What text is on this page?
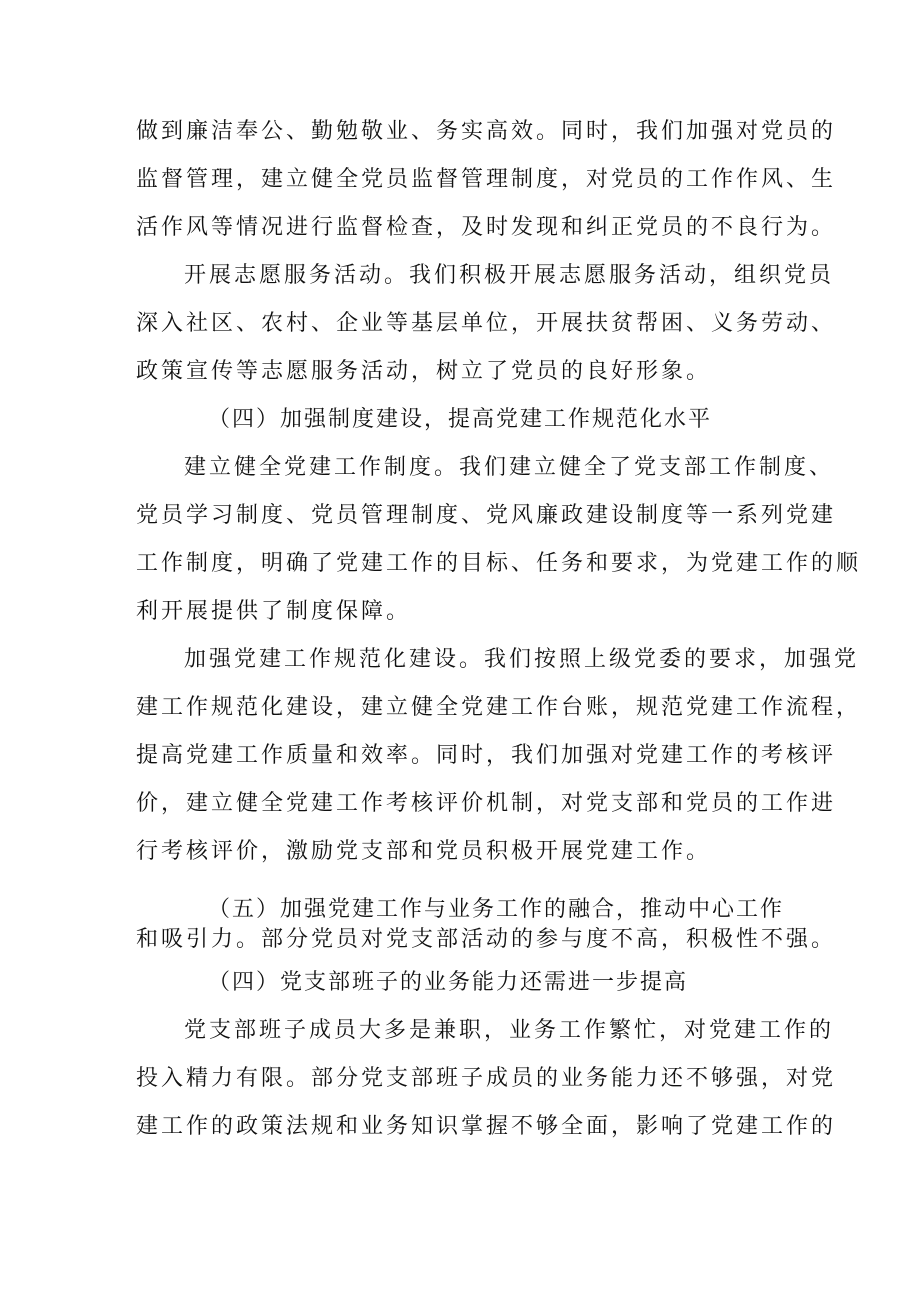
做到廉洁奉公、勤勉敬业、务实高效。同时，我们加强对党员的
监督管理，建立健全党员监督管理制度，对党员的工作作风、生
活作风等情况进行监督检查，及时发现和纠正党员的不良行为。
开展志愿服务活动。我们积极开展志愿服务活动，组织党员
深入社区、农村、企业等基层单位，开展扶贫帮困、义务劳动、
政策宣传等志愿服务活动，树立了党员的良好形象。
（四）加强制度建设，提高党建工作规范化水平
建立健全党建工作制度。我们建立健全了党支部工作制度、
党员学习制度、党员管理制度、党风廉政建设制度等一系列党建
工作制度，明确了党建工作的目标、任务和要求，为党建工作的顺
利开展提供了制度保障。
加强党建工作规范化建设。我们按照上级党委的要求，加强党
建工作规范化建设，建立健全党建工作台账，规范党建工作流程，
提高党建工作质量和效率。同时，我们加强对党建工作的考核评
价，建立健全党建工作考核评价机制，对党支部和党员的工作进
行考核评价，激励党支部和党员积极开展党建工作。
（五）加强党建工作与业务工作的融合，推动中心工作
和吸引力。部分党员对党支部活动的参与度不高，积极性不强。
（四）党支部班子的业务能力还需进一步提高
党支部班子成员大多是兼职，业务工作繁忙，对党建工作的
投入精力有限。部分党支部班子成员的业务能力还不够强，对党
建工作的政策法规和业务知识掌握不够全面，影响了党建工作的
